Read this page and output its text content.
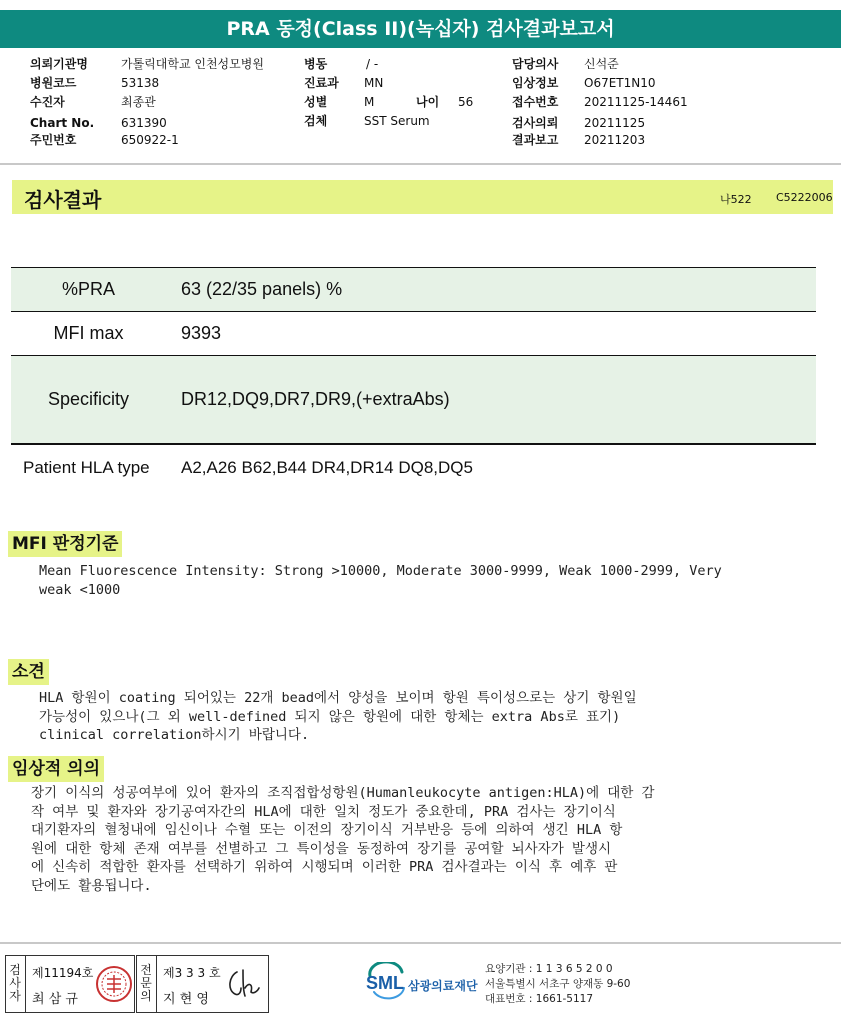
PRA 동정(Class II)(녹십자) 검사결과보고서
의뢰기관명	가톨릭대학교 인천성모병원
병원코드	53138
수진자	최종관
Chart No. 631390
주민번호	650922-1
병동	/ -
진료과 MN
성별	M	나이 56
검체	SST Serum
담당의사 신석준
임상정보 O67ET1N10
접수번호 20211125-14461
검사의뢰 20211125
결과보고 20211203
검사결과	나522 C5222006
%PRA	63 (22/35 panels) %
MFI max	9393
Specificity	DR12,DQ9,DR7,DR9,(+extraAbs)
Patient HLA type	A2,A26 B62,B44 DR4,DR14 DQ8,DQ5
MFI 판정기준
Mean Fluorescence Intensity: Strong >10000, Moderate 3000-9999, Weak 1000-2999, Very
weak <1000
소견
HLA 항원이 coating 되어있는 22개 bead에서 양성을 보이며 항원 특이성으로는 상기 항원일
가능성이 있으나(그 외 well-defined 되지 않은 항원에 대한 항체는 extra Abs로 표기)
clinical correlation하시기 바랍니다.
임상적 의의
장기 이식의 성공여부에 있어 환자의 조직접합성항원(Humanleukocyte antigen:HLA)에 대한 감
작 여부 및 환자와 장기공여자간의 HLA에 대한 일치 정도가 중요한데, PRA 검사는 장기이식
대기환자의 혈청내에 임신이나 수혈 또는 이전의 장기이식 거부반응 등에 의하여 생긴 HLA 항
원에 대한 항체 존재 여부를 선별하고 그 특이성을 동정하여 장기를 공여할 뇌사자가 발생시
에 신속히 적합한 환자를 선택하기 위하여 시행되며 이러한 PRA 검사결과는 이식 후 예후 판
단에도 활용됩니다.
검사자
제11194호
최 삼 규
전문의
제3 3 3 호
지 현 영
SML 삼광의료재단
요양기관 : 1 1 3 6 5 2 0 0
서울특별시 서초구 양재동 9-60
대표번호 : 1661-5117
